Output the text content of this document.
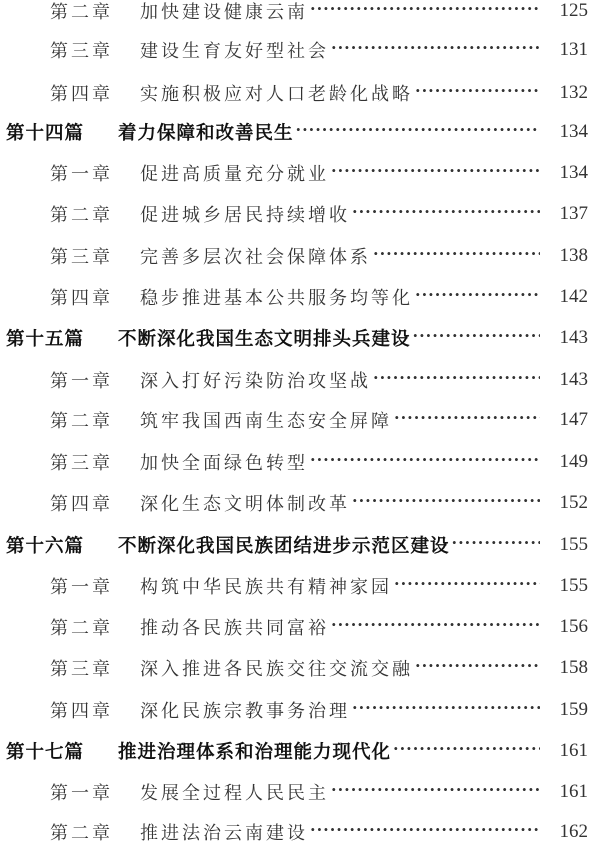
第二章	加快建设健康云南 ·····	125
第三章	建设生育友好型社会 ·····	131
第四章	实施积极应对人口老龄化战略 ·····	132
第十四篇	着力保障和改善民生 ·····	134
第一章	促进高质量充分就业 ·····	134
第二章	促进城乡居民持续增收 ·····	137
第三章	完善多层次社会保障体系 ·····	138
第四章	稳步推进基本公共服务均等化 ·····	142
第十五篇	不断深化我国生态文明排头兵建设 ·····	143
第一章	深入打好污染防治攻坚战 ·····	143
第二章	筑牢我国西南生态安全屏障 ·····	147
第三章	加快全面绿色转型 ·····	149
第四章	深化生态文明体制改革 ·····	152
第十六篇	不断深化我国民族团结进步示范区建设 ·····	155
第一章	构筑中华民族共有精神家园 ·····	155
第二章	推动各民族共同富裕 ·····	156
第三章	深入推进各民族交往交流交融 ·····	158
第四章	深化民族宗教事务治理 ·····	159
第十七篇	推进治理体系和治理能力现代化 ·····	161
第一章	发展全过程人民民主 ·····	161
第二章	推进法治云南建设 ·····	162
